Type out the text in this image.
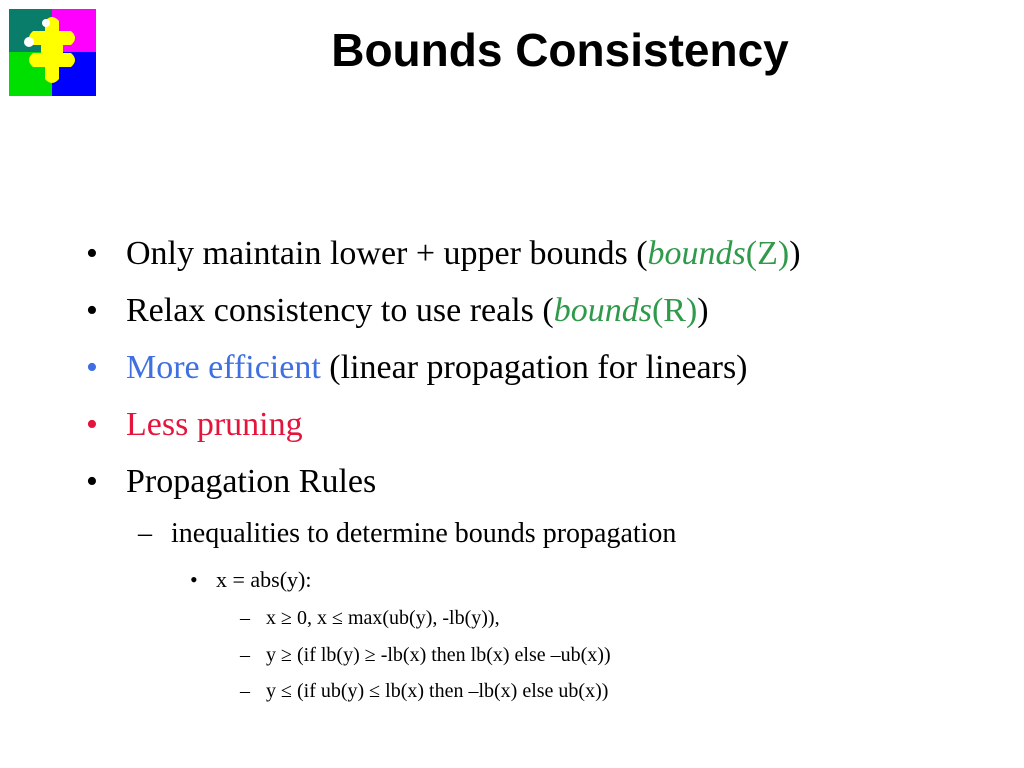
Bounds Consistency
• Only maintain lower + upper bounds (bounds(Z))
• Relax consistency to use reals (bounds(R))
• More efficient (linear propagation for linears)
• Less pruning
• Propagation Rules
– inequalities to determine bounds propagation
• x = abs(y):
– x ≥ 0, x ≤ max(ub(y), -lb(y)),
– y ≥ (if lb(y) ≥ -lb(x) then lb(x) else –ub(x))
– y ≤ (if ub(y) ≤ lb(x) then –lb(x) else ub(x))
